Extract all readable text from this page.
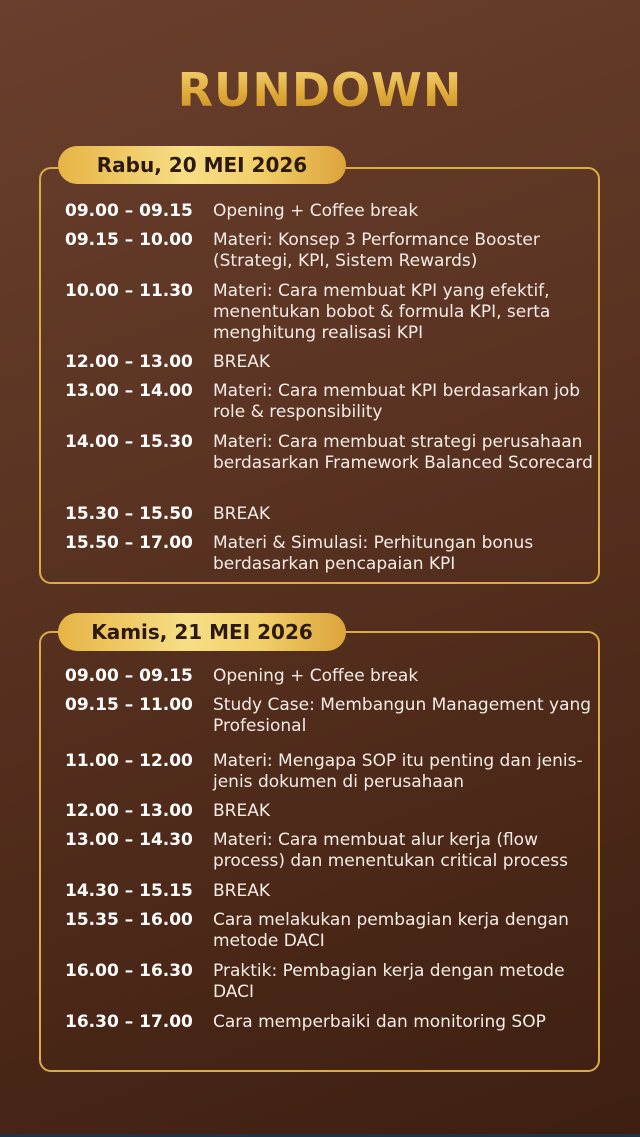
RUNDOWN
Rabu, 20 MEI 2026
09.00 – 09.15	Opening + Coffee break
09.15 – 10.00	Materi: Konsep 3 Performance Booster (Strategi, KPI, Sistem Rewards)
10.00 – 11.30	Materi: Cara membuat KPI yang efektif, menentukan bobot & formula KPI, serta menghitung realisasi KPI
12.00 – 13.00	BREAK
13.00 – 14.00	Materi: Cara membuat KPI berdasarkan job role & responsibility
14.00 – 15.30	Materi: Cara membuat strategi perusahaan berdasarkan Framework Balanced Scorecard
15.30 – 15.50	BREAK
15.50 – 17.00	Materi & Simulasi: Perhitungan bonus berdasarkan pencapaian KPI
Kamis, 21 MEI 2026
09.00 – 09.15	Opening + Coffee break
09.15 – 11.00	Study Case: Membangun Management yang Profesional
11.00 – 12.00	Materi: Mengapa SOP itu penting dan jenis-jenis dokumen di perusahaan
12.00 – 13.00	BREAK
13.00 – 14.30	Materi: Cara membuat alur kerja (flow process) dan menentukan critical process
14.30 – 15.15	BREAK
15.35 – 16.00	Cara melakukan pembagian kerja dengan metode DACI
16.00 – 16.30	Praktik: Pembagian kerja dengan metode DACI
16.30 – 17.00	Cara memperbaiki dan monitoring SOP
